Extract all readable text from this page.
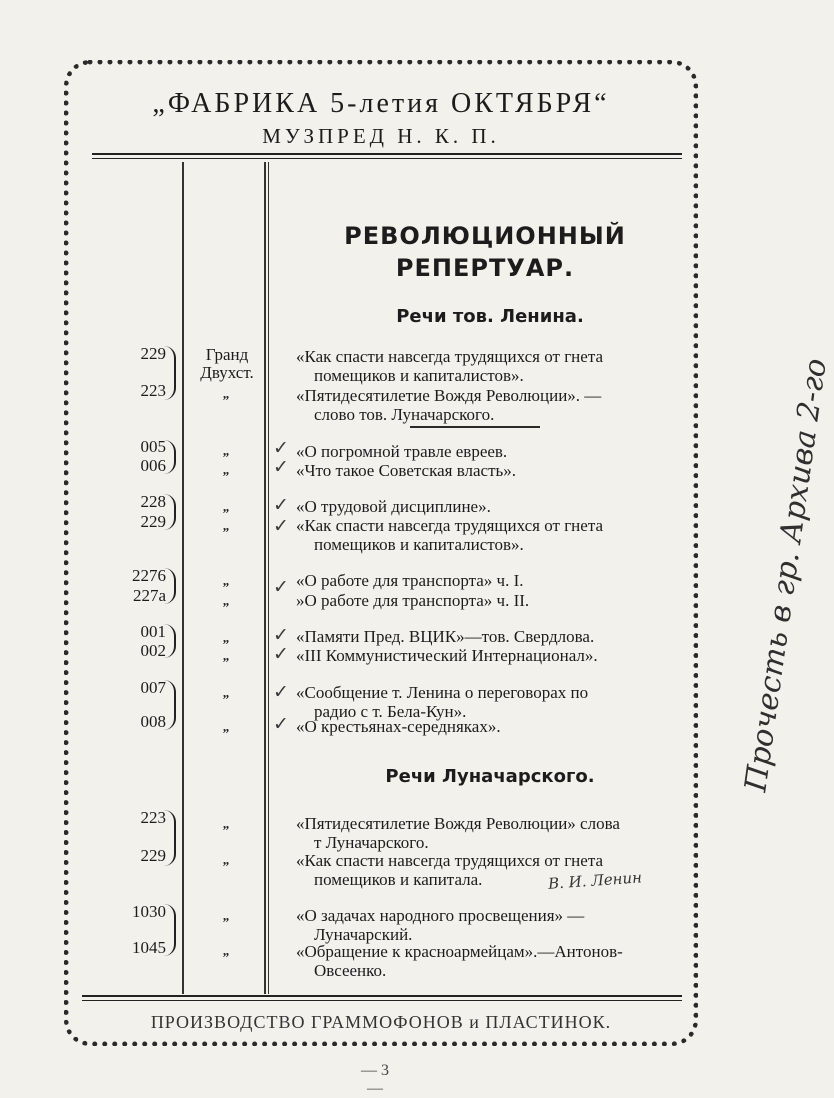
„ФАБРИКА 5-летия ОКТЯБРЯ“
МУЗПРЕД Н. К. П.
РЕВОЛЮЦИОННЫЙ
РЕПЕРТУАР.
Речи тов. Ленина.
229
223
Гранд
Двухст.
„
«Как спасти навсегда трудящихся от гнета
помещиков и капиталистов».
«Пятидесятилетие Вождя Революции». —
слово тов. Луначарского.
005
006
„
„
✓
✓
«О погромной травле евреев.
«Что такое Советская власть».
228
229
„
„
✓
✓
«О трудовой дисциплине».
«Как спасти навсегда трудящихся от гнета
помещиков и капиталистов».
2276
227а
„
„
✓ «О работе для транспорта» ч. I.
»О работе для транспорта» ч. II.
001
002
„
„
✓
✓
«Памяти Пред. ВЦИК»—тов. Свердлова.
«III Коммунистический Интернационал».
007
008
„
„
✓
✓
«Сообщение т. Ленина о переговорах по
радио с т. Бела-Кун».
«О крестьянах-середняках».
Речи Луначарского.
223
229
„
„
«Пятидесятилетие Вождя Революции» слова
т Луначарского.
«Как спасти навсегда трудящихся от гнета
помещиков и капитала.	В. И. Ленин
1030
1045
„
„
«О задачах народного просвещения» —
Луначарский.
«Обращение к красноармейцам».—Антонов-
Овсеенко.
ПРОИЗВОДСТВО ГРАММОФОНОВ и ПЛАСТИНОК.
— 3 —
Прочесть в гр. Архива 2-го
